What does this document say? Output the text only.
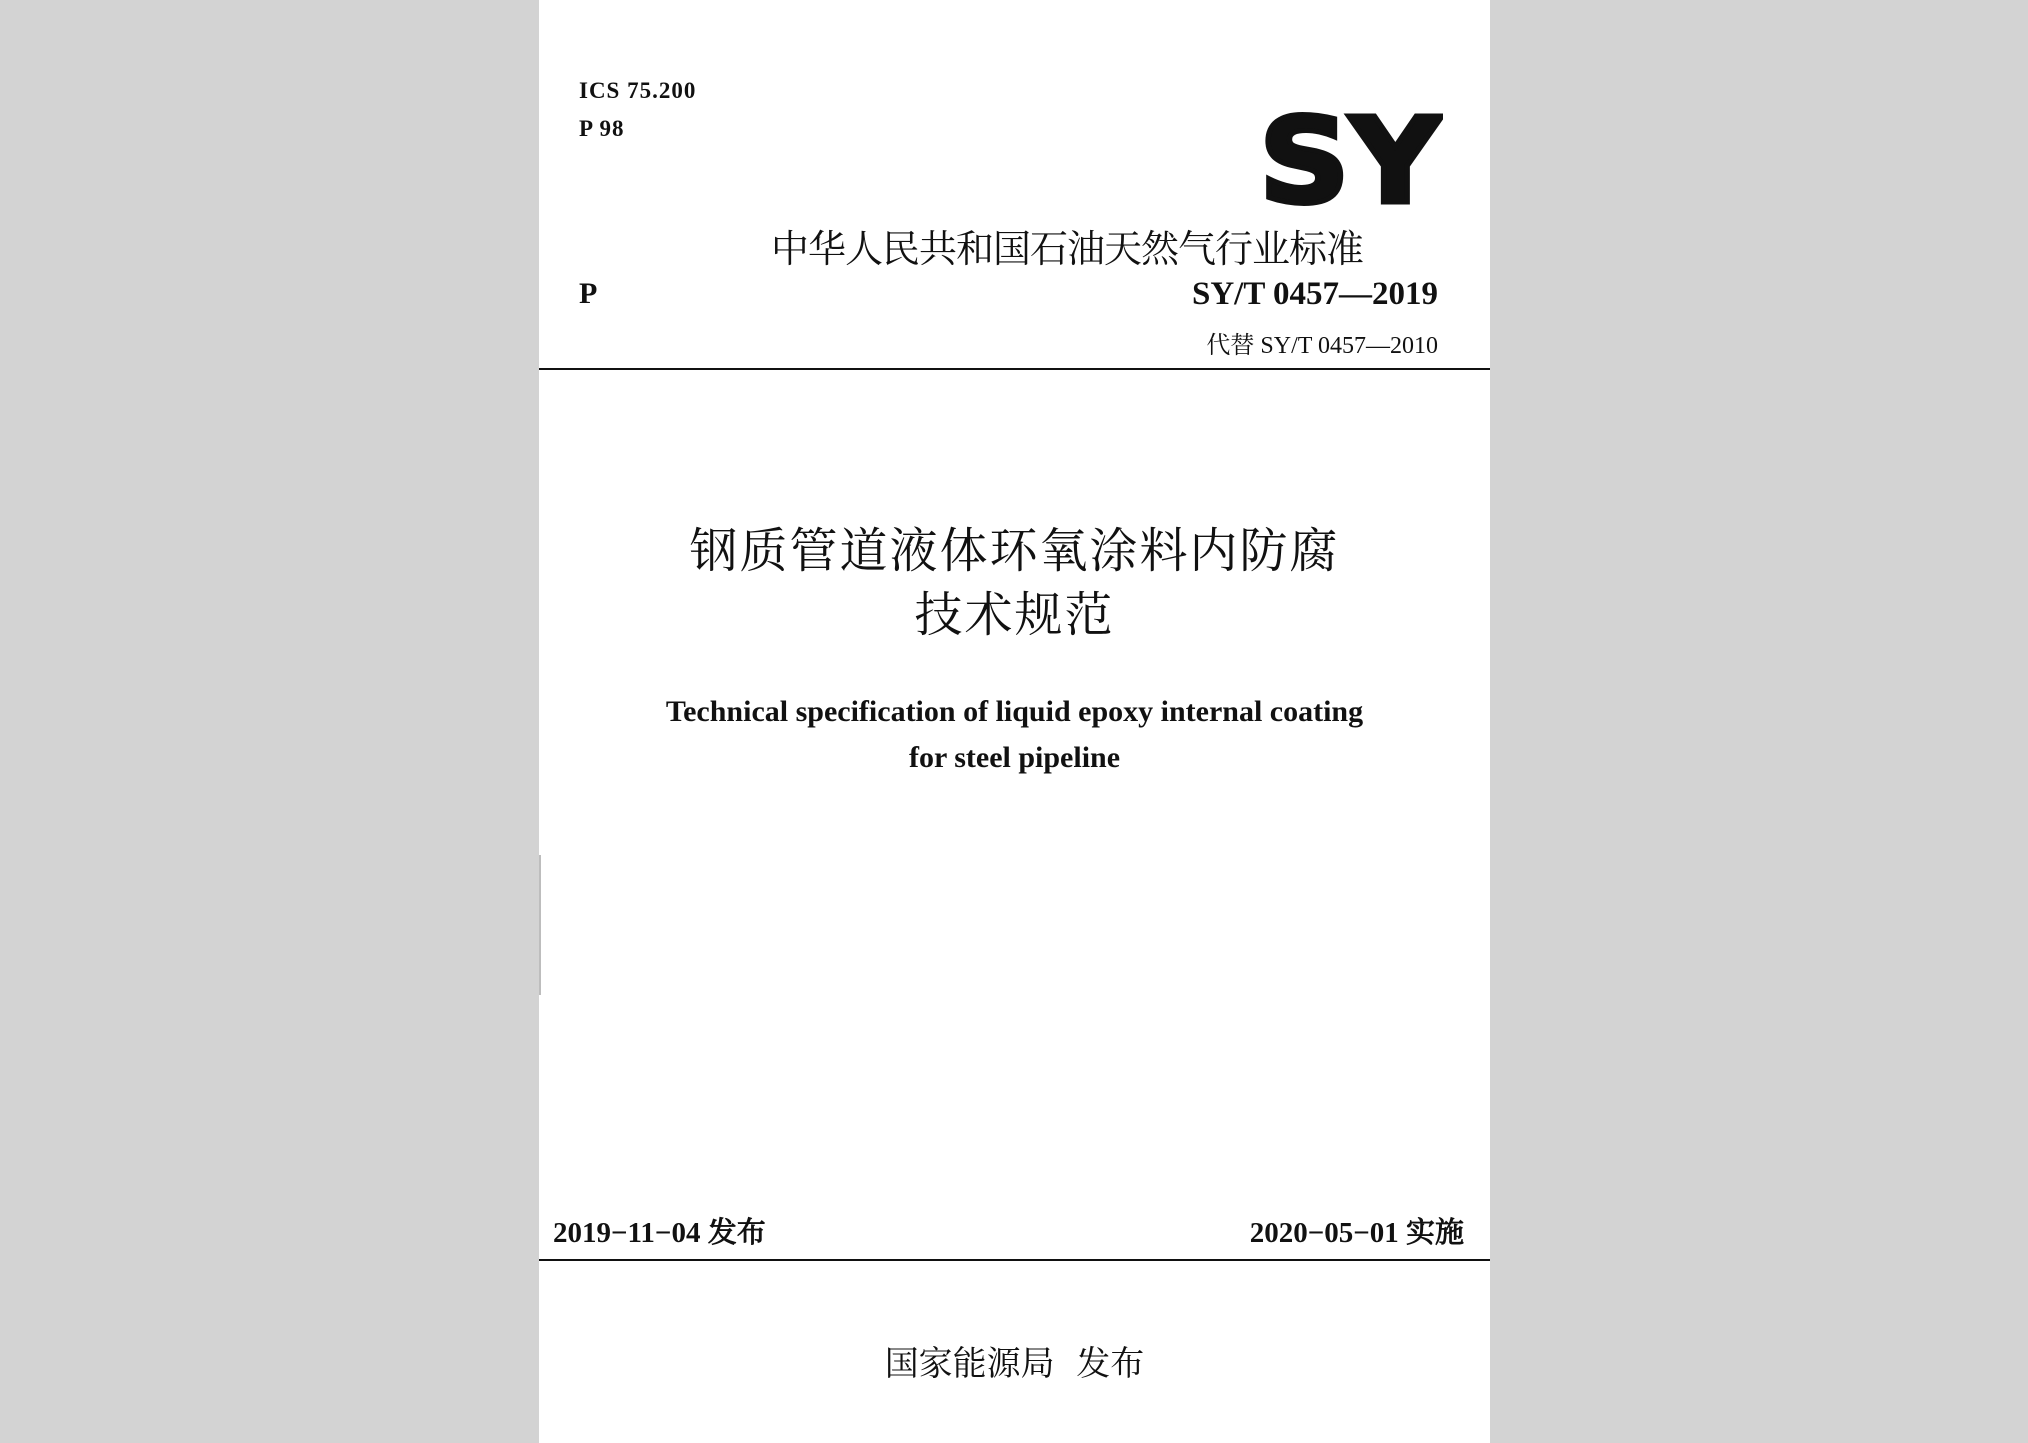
ICS 75.200
P 98	SY
中华人民共和国石油天然气行业标准
P	SY/T 0457—2019
代替 SY/T 0457—2010
钢质管道液体环氧涂料内防腐
技术规范
Technical specification of liquid epoxy internal coating
for steel pipeline
2019−11−04 发布	2020−05−01 实施
国家能源局  发布
